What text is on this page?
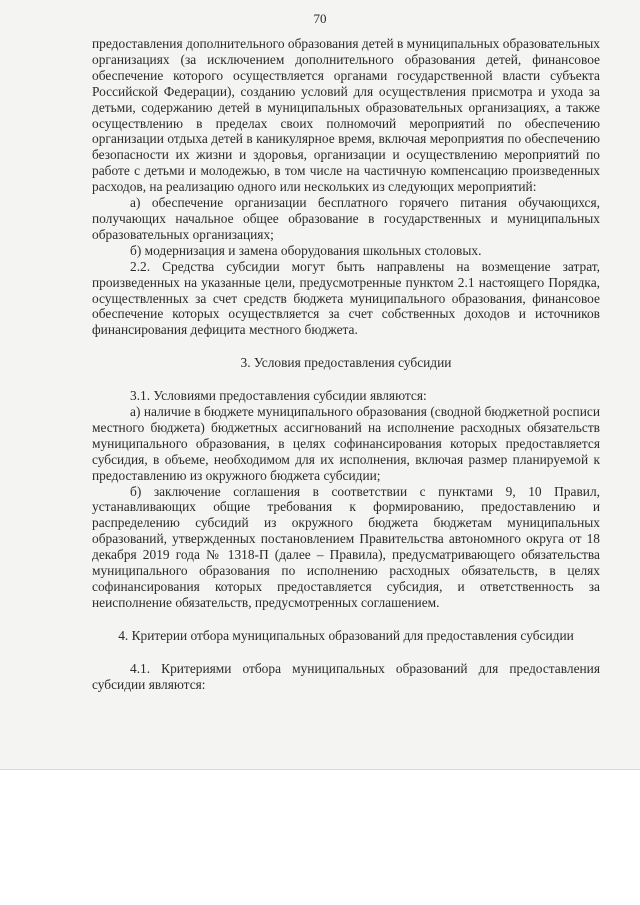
70

предоставления дополнительного образования детей в муниципальных образовательных организациях (за исключением дополнительного образования детей, финансовое обеспечение которого осуществляется органами государственной власти субъекта Российской Федерации), созданию условий для осуществления присмотра и ухода за детьми, содержанию детей в муниципальных образовательных организациях, а также осуществлению в пределах своих полномочий мероприятий по обеспечению организации отдыха детей в каникулярное время, включая мероприятия по обеспечению безопасности их жизни и здоровья, организации и осуществлению мероприятий по работе с детьми и молодежью, в том числе на частичную компенсацию произведенных расходов, на реализацию одного или нескольких из следующих мероприятий:

а) обеспечение организации бесплатного горячего питания обучающихся, получающих начальное общее образование в государственных и муниципальных образовательных организациях;

б) модернизация и замена оборудования школьных столовых.

2.2. Средства субсидии могут быть направлены на возмещение затрат, произведенных на указанные цели, предусмотренные пунктом 2.1 настоящего Порядка, осуществленных за счет средств бюджета муниципального образования, финансовое обеспечение которых осуществляется за счет собственных доходов и источников финансирования дефицита местного бюджета.

3. Условия предоставления субсидии

3.1. Условиями предоставления субсидии являются:

а) наличие в бюджете муниципального образования (сводной бюджетной росписи местного бюджета) бюджетных ассигнований на исполнение расходных обязательств муниципального образования, в целях софинансирования которых предоставляется субсидия, в объеме, необходимом для их исполнения, включая размер планируемой к предоставлению из окружного бюджета субсидии;

б) заключение соглашения в соответствии с пунктами 9, 10 Правил, устанавливающих общие требования к формированию, предоставлению и распределению субсидий из окружного бюджета бюджетам муниципальных образований, утвержденных постановлением Правительства автономного округа от 18 декабря 2019 года № 1318-П (далее – Правила), предусматривающего обязательства муниципального образования по исполнению расходных обязательств, в целях софинансирования которых предоставляется субсидия, и ответственность за неисполнение обязательств, предусмотренных соглашением.

4. Критерии отбора муниципальных образований для предоставления субсидии

4.1. Критериями отбора муниципальных образований для предоставления субсидии являются:
